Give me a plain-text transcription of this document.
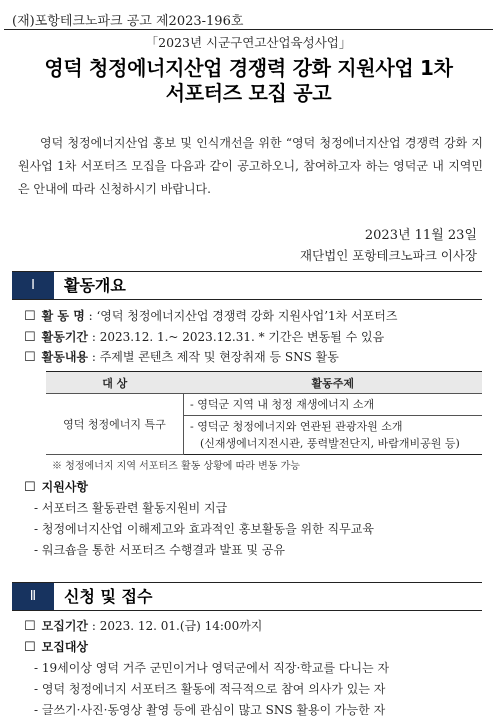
(재)포항테크노파크 공고 제2023-196호
「2023년 시군구연고산업육성사업」
영덕 청정에너지산업 경쟁력 강화 지원사업 1차
서포터즈 모집 공고
영덕 청정에너지산업 홍보 및 인식개선을 위한 “영덕 청정에너지산업 경쟁력 강화 지원사업 1차 서포터즈 모집을 다음과 같이 공고하오니, 참여하고자 하는 영덕군 내 지역민은 안내에 따라 신청하시기 바랍니다.
2023년 11월 23일
재단법인 포항테크노파크 이사장
Ⅰ	활동개요
☐ 활 동 명 : ‘영덕 청정에너지산업 경쟁력 강화 지원사업’1차 서포터즈
☐ 활동기간 : 2023.12. 1.~ 2023.12.31. * 기간은 변동될 수 있음
☐ 활동내용 : 주제별 콘텐츠 제작 및 현장취재 등 SNS 활동
대 상	활동주제
영덕 청정에너지 특구	- 영덕군 지역 내 청정 재생에너지 소개

	- 영덕군 청정에너지와 연관된 관광자원 소개
(신재생에너지전시관, 풍력발전단지, 바람개비공원 등)
※ 청정에너지 지역 서포터즈 활동 상황에 따라 변동 가능
☐ 지원사항
- 서포터즈 활동관련 활동지원비 지급
- 청정에너지산업 이해제고와 효과적인 홍보활동을 위한 직무교육
- 워크숍을 통한 서포터즈 수행결과 발표 및 공유
Ⅱ	신청 및 접수
☐ 모집기간 : 2023. 12. 01.(금) 14:00까지
☐ 모집대상
- 19세이상 영덕 거주 군민이거나 영덕군에서 직장·학교를 다니는 자
- 영덕 청정에너지 서포터즈 활동에 적극적으로 참여 의사가 있는 자
- 글쓰기·사진·동영상 촬영 등에 관심이 많고 SNS 활용이 가능한 자
